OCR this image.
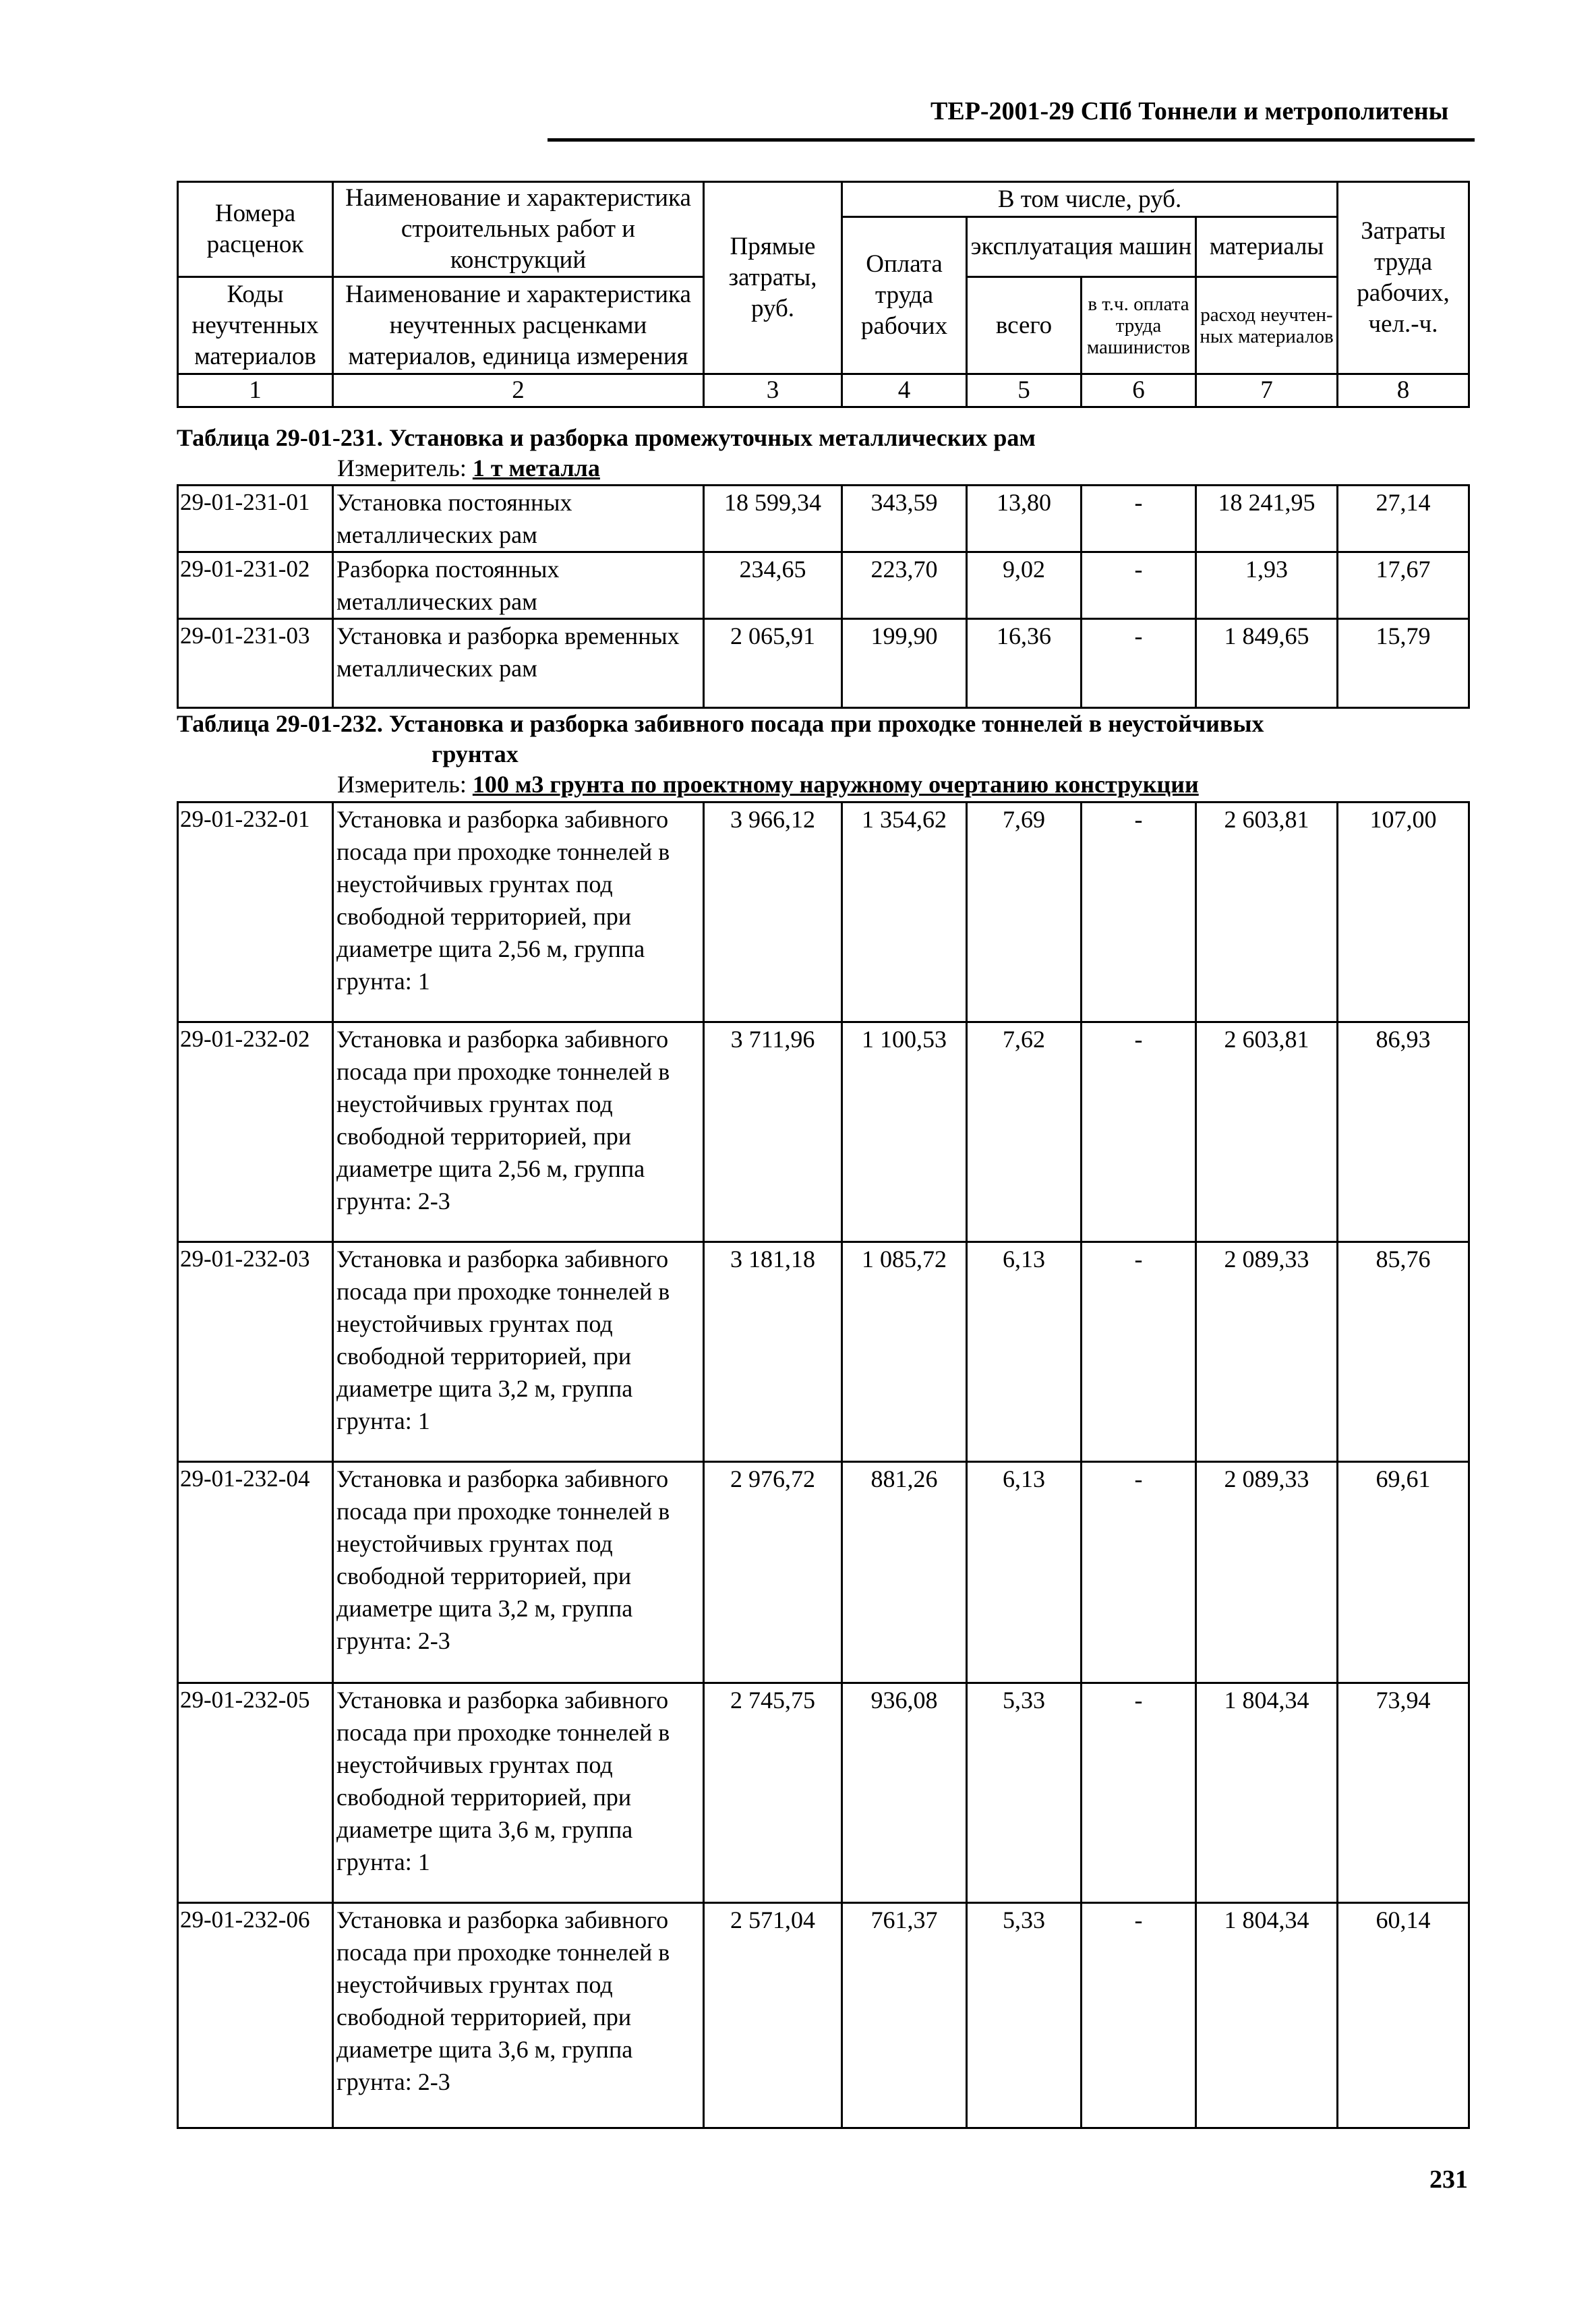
ТЕР-2001-29 СПб Тоннели и метрополитены
Номера расценок	Наименование и характеристика строительных работ и конструкций	Прямые затраты, руб.	В том числе, руб.				Затраты труда рабочих, чел.-ч.
			Оплата труда рабочих	эксплуатация машин		материалы	
Коды неучтенных материалов	Наименование и характеристика неучтенных расценками материалов, единица измерения			всего	в т.ч. оплата труда машинистов	расход неучтен-ных материалов	

1	2	3	4	5	6	7	8
Таблица 29-01-231. Установка и разборка промежуточных металлических рам
Измеритель: 1 т металла
29-01-231-01	Установка постоянных металлических рам	18 599,34	343,59	13,80	-	18 241,95	27,14
29-01-231-02	Разборка постоянных металлических рам	234,65	223,70	9,02	-	1,93	17,67
29-01-231-03	Установка и разборка временных металлических рам	2 065,91	199,90	16,36	-	1 849,65	15,79
Таблица 29-01-232. Установка и разборка забивного посада при проходке тоннелей в неустойчивых
грунтах
Измеритель: 100 м3 грунта по проектному наружному очертанию конструкции
29-01-232-01	Установка и разборка забивного посада при проходке тоннелей в неустойчивых грунтах под свободной территорией, при диаметре щита 2,56 м, группа грунта: 1	3 966,12	1 354,62	7,69	-	2 603,81	107,00
29-01-232-02	Установка и разборка забивного посада при проходке тоннелей в неустойчивых грунтах под свободной территорией, при диаметре щита 2,56 м, группа грунта: 2-3	3 711,96	1 100,53	7,62	-	2 603,81	86,93
29-01-232-03	Установка и разборка забивного посада при проходке тоннелей в неустойчивых грунтах под свободной территорией, при диаметре щита 3,2 м, группа грунта: 1	3 181,18	1 085,72	6,13	-	2 089,33	85,76
29-01-232-04	Установка и разборка забивного посада при проходке тоннелей в неустойчивых грунтах под свободной территорией, при диаметре щита 3,2 м, группа грунта: 2-3	2 976,72	881,26	6,13	-	2 089,33	69,61
29-01-232-05	Установка и разборка забивного посада при проходке тоннелей в неустойчивых грунтах под свободной территорией, при диаметре щита 3,6 м, группа грунта: 1	2 745,75	936,08	5,33	-	1 804,34	73,94
29-01-232-06	Установка и разборка забивного посада при проходке тоннелей в неустойчивых грунтах под свободной территорией, при диаметре щита 3,6 м, группа грунта: 2-3	2 571,04	761,37	5,33	-	1 804,34	60,14
231
